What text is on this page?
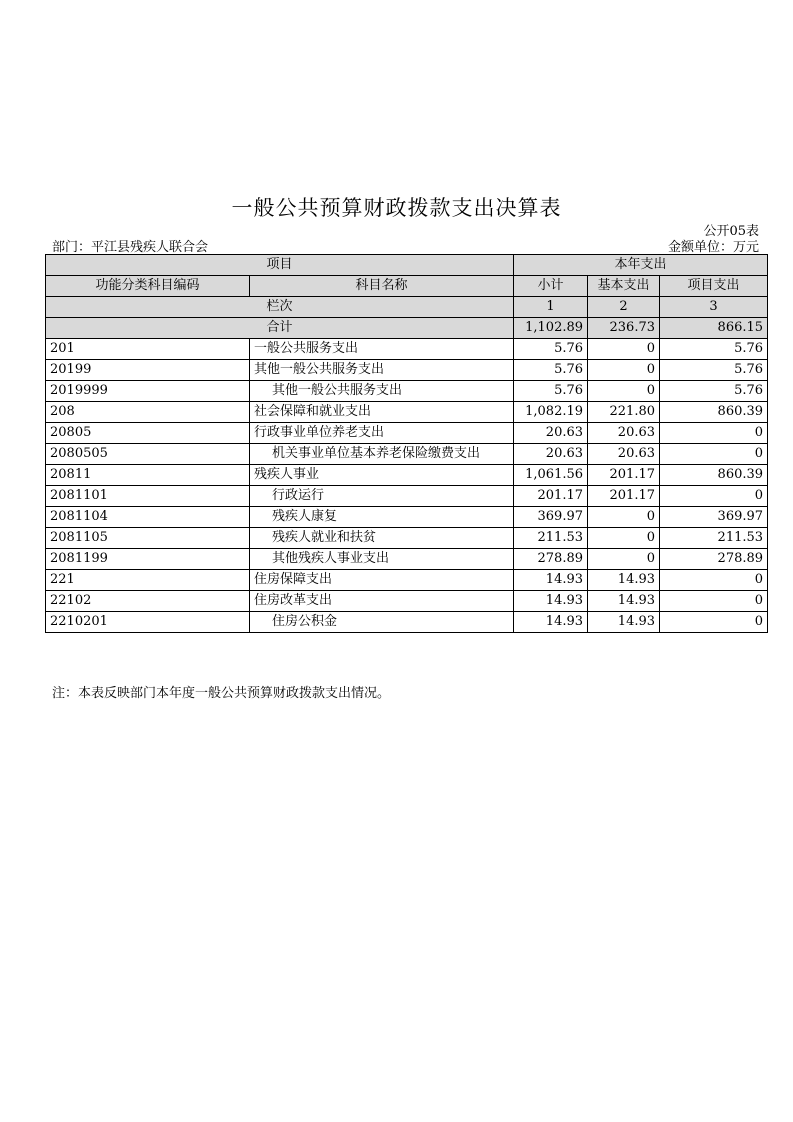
一般公共预算财政拨款支出决算表
公开05表
部门：平江县残疾人联合会	金额单位：万元
项目		本年支出		
功能分类科目编码	科目名称	小计	基本支出	项目支出
栏次		1	2	3
合计		1,102.89	236.73	866.15
201	一般公共服务支出	5.76	0	5.76
20199	其他一般公共服务支出	5.76	0	5.76
2019999	其他一般公共服务支出	5.76	0	5.76
208	社会保障和就业支出	1,082.19	221.80	860.39
20805	行政事业单位养老支出	20.63	20.63	0
2080505	机关事业单位基本养老保险缴费支出	20.63	20.63	0
20811	残疾人事业	1,061.56	201.17	860.39
2081101	行政运行	201.17	201.17	0
2081104	残疾人康复	369.97	0	369.97
2081105	残疾人就业和扶贫	211.53	0	211.53
2081199	其他残疾人事业支出	278.89	0	278.89
221	住房保障支出	14.93	14.93	0
22102	住房改革支出	14.93	14.93	0
2210201	住房公积金	14.93	14.93	0
注：本表反映部门本年度一般公共预算财政拨款支出情况。
